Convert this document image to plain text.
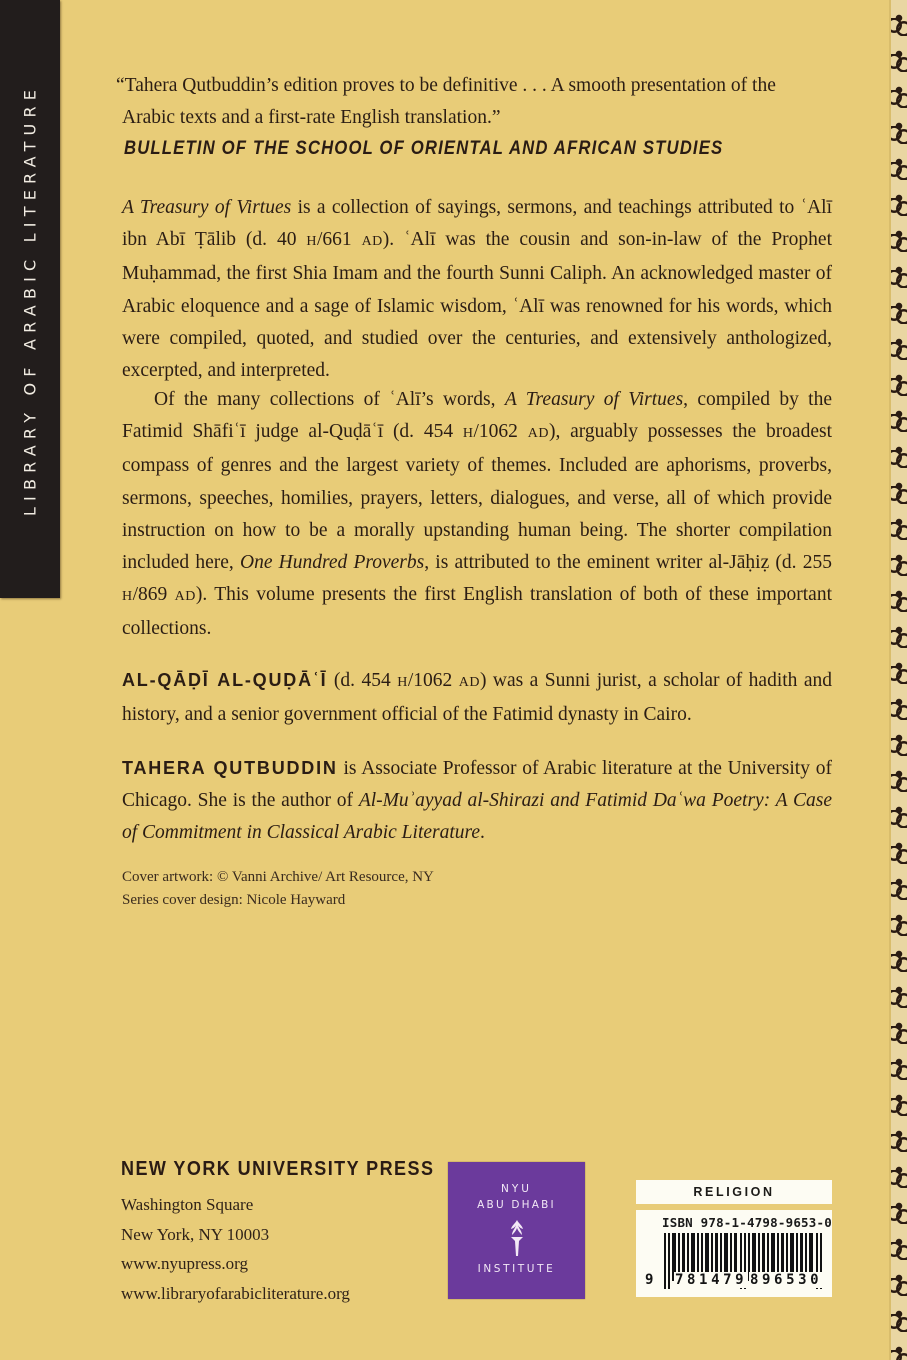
LIBRARY OF ARABIC LITERATURE	“Tahera Qutbuddin’s edition proves to be definitive . . . A smooth presentation of the Arabic texts and a first-rate English translation.”

BULLETIN OF THE SCHOOL OF ORIENTAL AND AFRICAN STUDIES

A Treasury of Virtues is a collection of sayings, sermons, and teachings attributed to ʿAlī ibn Abī Ṭālib (d. 40 H/661 AD). ʿAlī was the cousin and son-in-law of the Prophet Muḥammad, the first Shia Imam and the fourth Sunni Caliph. An acknowledged master of Arabic eloquence and a sage of Islamic wisdom, ʿAlī was renowned for his words, which were compiled, quoted, and studied over the centuries, and extensively anthologized, excerpted, and interpreted.

Of the many collections of ʿAlī’s words, A Treasury of Virtues, compiled by the Fatimid Shāfiʿī judge al-Quḍāʿī (d. 454 H/1062 AD), arguably possesses the broadest compass of genres and the largest variety of themes. Included are aphorisms, proverbs, sermons, speeches, homilies, prayers, letters, dialogues, and verse, all of which provide instruction on how to be a morally upstanding human being. The shorter compilation included here, One Hundred Proverbs, is attributed to the eminent writer al-Jāḥiẓ (d. 255 H/869 AD). This volume presents the first English translation of both of these important collections.

AL-QĀḌĪ AL-QUḌĀʿĪ (d. 454 H/1062 AD) was a Sunni jurist, a scholar of hadith and history, and a senior government official of the Fatimid dynasty in Cairo.

TAHERA QUTBUDDIN is Associate Professor of Arabic literature at the University of Chicago. She is the author of Al-Muʾayyad al-Shirazi and Fatimid Daʿwa Poetry: A Case of Commitment in Classical Arabic Literature.

Cover artwork: © Vanni Archive/ Art Resource, NY
Series cover design: Nicole Hayward
NEW YORK UNIVERSITY PRESS
Washington Square
New York, NY 10003
www.nyupress.org
www.libraryofarabicliterature.org
NYU
ABU DHABI
INSTITUTE
RELIGION
ISBN 978-1-4798-9653-0
9 781479 896530
